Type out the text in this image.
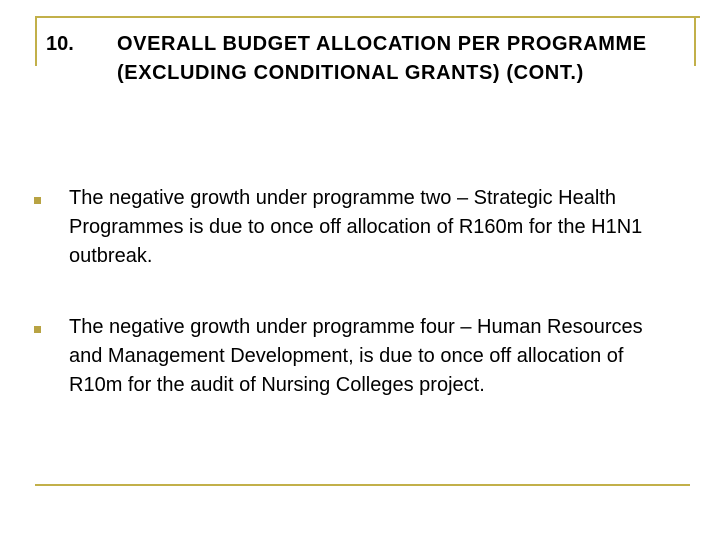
10. OVERALL BUDGET ALLOCATION PER PROGRAMME (EXCLUDING CONDITIONAL GRANTS) (CONT.)
The negative growth under programme two – Strategic Health Programmes is due to once off allocation of R160m for the H1N1 outbreak.
The negative growth under programme four – Human Resources and Management Development, is due to once off allocation of R10m for the audit of Nursing Colleges project.
